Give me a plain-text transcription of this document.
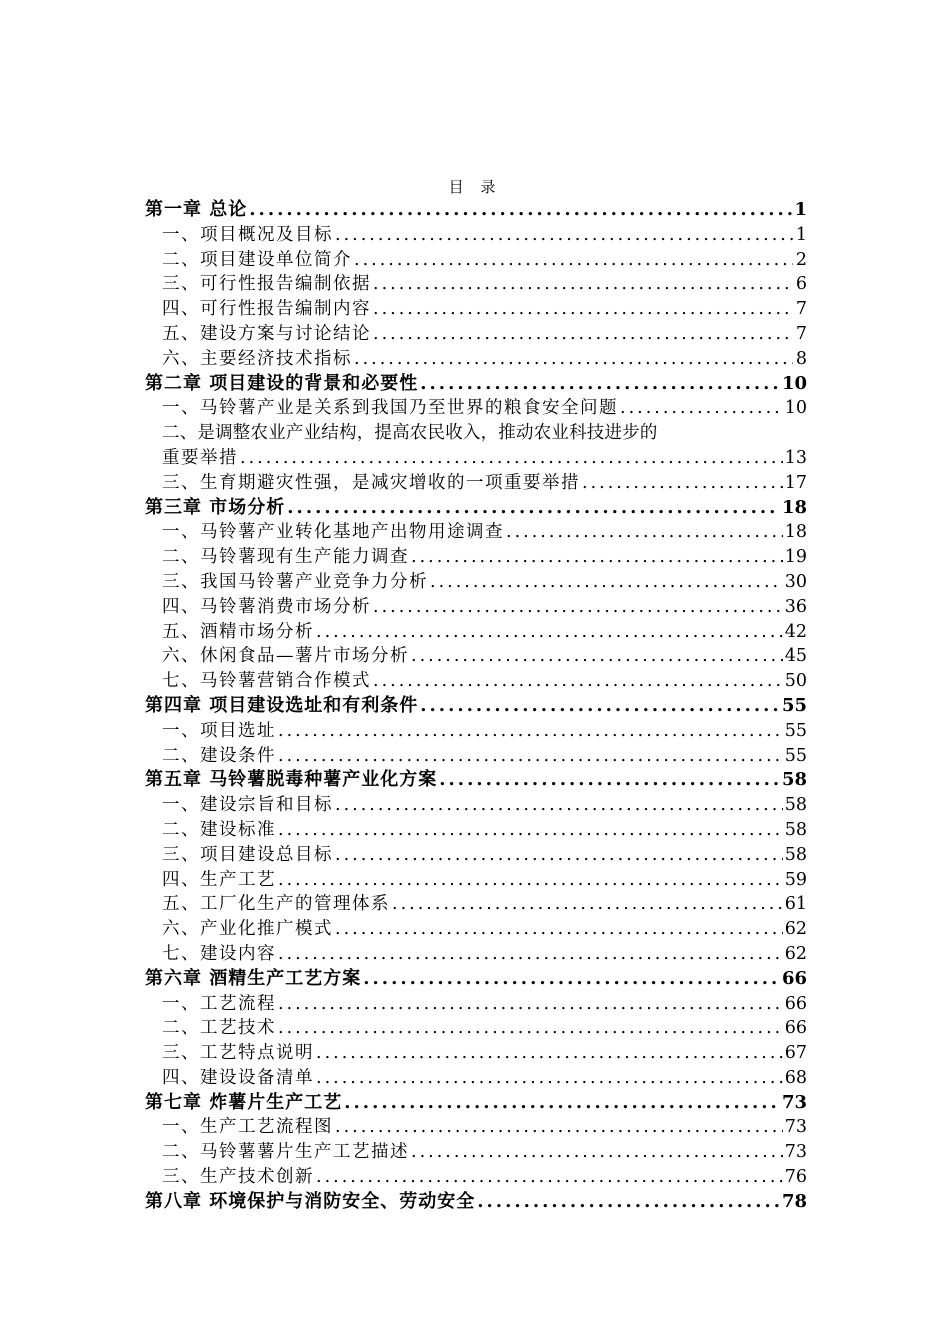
目 录
第一章 总论 .....	1
一、项目概况及目标 .....	1
二、项目建设单位简介 .....	2
三、可行性报告编制依据 .....	6
四、可行性报告编制内容 .....	7
五、建设方案与讨论结论 .....	7
六、主要经济技术指标 .....	8
第二章 项目建设的背景和必要性 .....	10
一、马铃薯产业是关系到我国乃至世界的粮食安全问题 .....	10
二、是调整农业产业结构，提高农民收入，推动农业科技进步的
重要举措 .....	13
三、生育期避灾性强，是减灾增收的一项重要举措 .....	17
第三章 市场分析 .....	18
一、马铃薯产业转化基地产出物用途调查 .....	18
二、马铃薯现有生产能力调查 .....	19
三、我国马铃薯产业竞争力分析 .....	30
四、马铃薯消费市场分析 .....	36
五、酒精市场分析 .....	42
六、休闲食品—薯片市场分析 .....	45
七、马铃薯营销合作模式 .....	50
第四章 项目建设选址和有利条件 .....	55
一、项目选址 .....	55
二、建设条件 .....	55
第五章 马铃薯脱毒种薯产业化方案 .....	58
一、建设宗旨和目标 .....	58
二、建设标准 .....	58
三、项目建设总目标 .....	58
四、生产工艺 .....	59
五、工厂化生产的管理体系 .....	61
六、产业化推广模式 .....	62
七、建设内容 .....	62
第六章 酒精生产工艺方案 .....	66
一、工艺流程 .....	66
二、工艺技术 .....	66
三、工艺特点说明 .....	67
四、建设设备清单 .....	68
第七章 炸薯片生产工艺 .....	73
一、生产工艺流程图 .....	73
二、马铃薯薯片生产工艺描述 .....	73
三、生产技术创新 .....	76
第八章 环境保护与消防安全、劳动安全 .....	78
